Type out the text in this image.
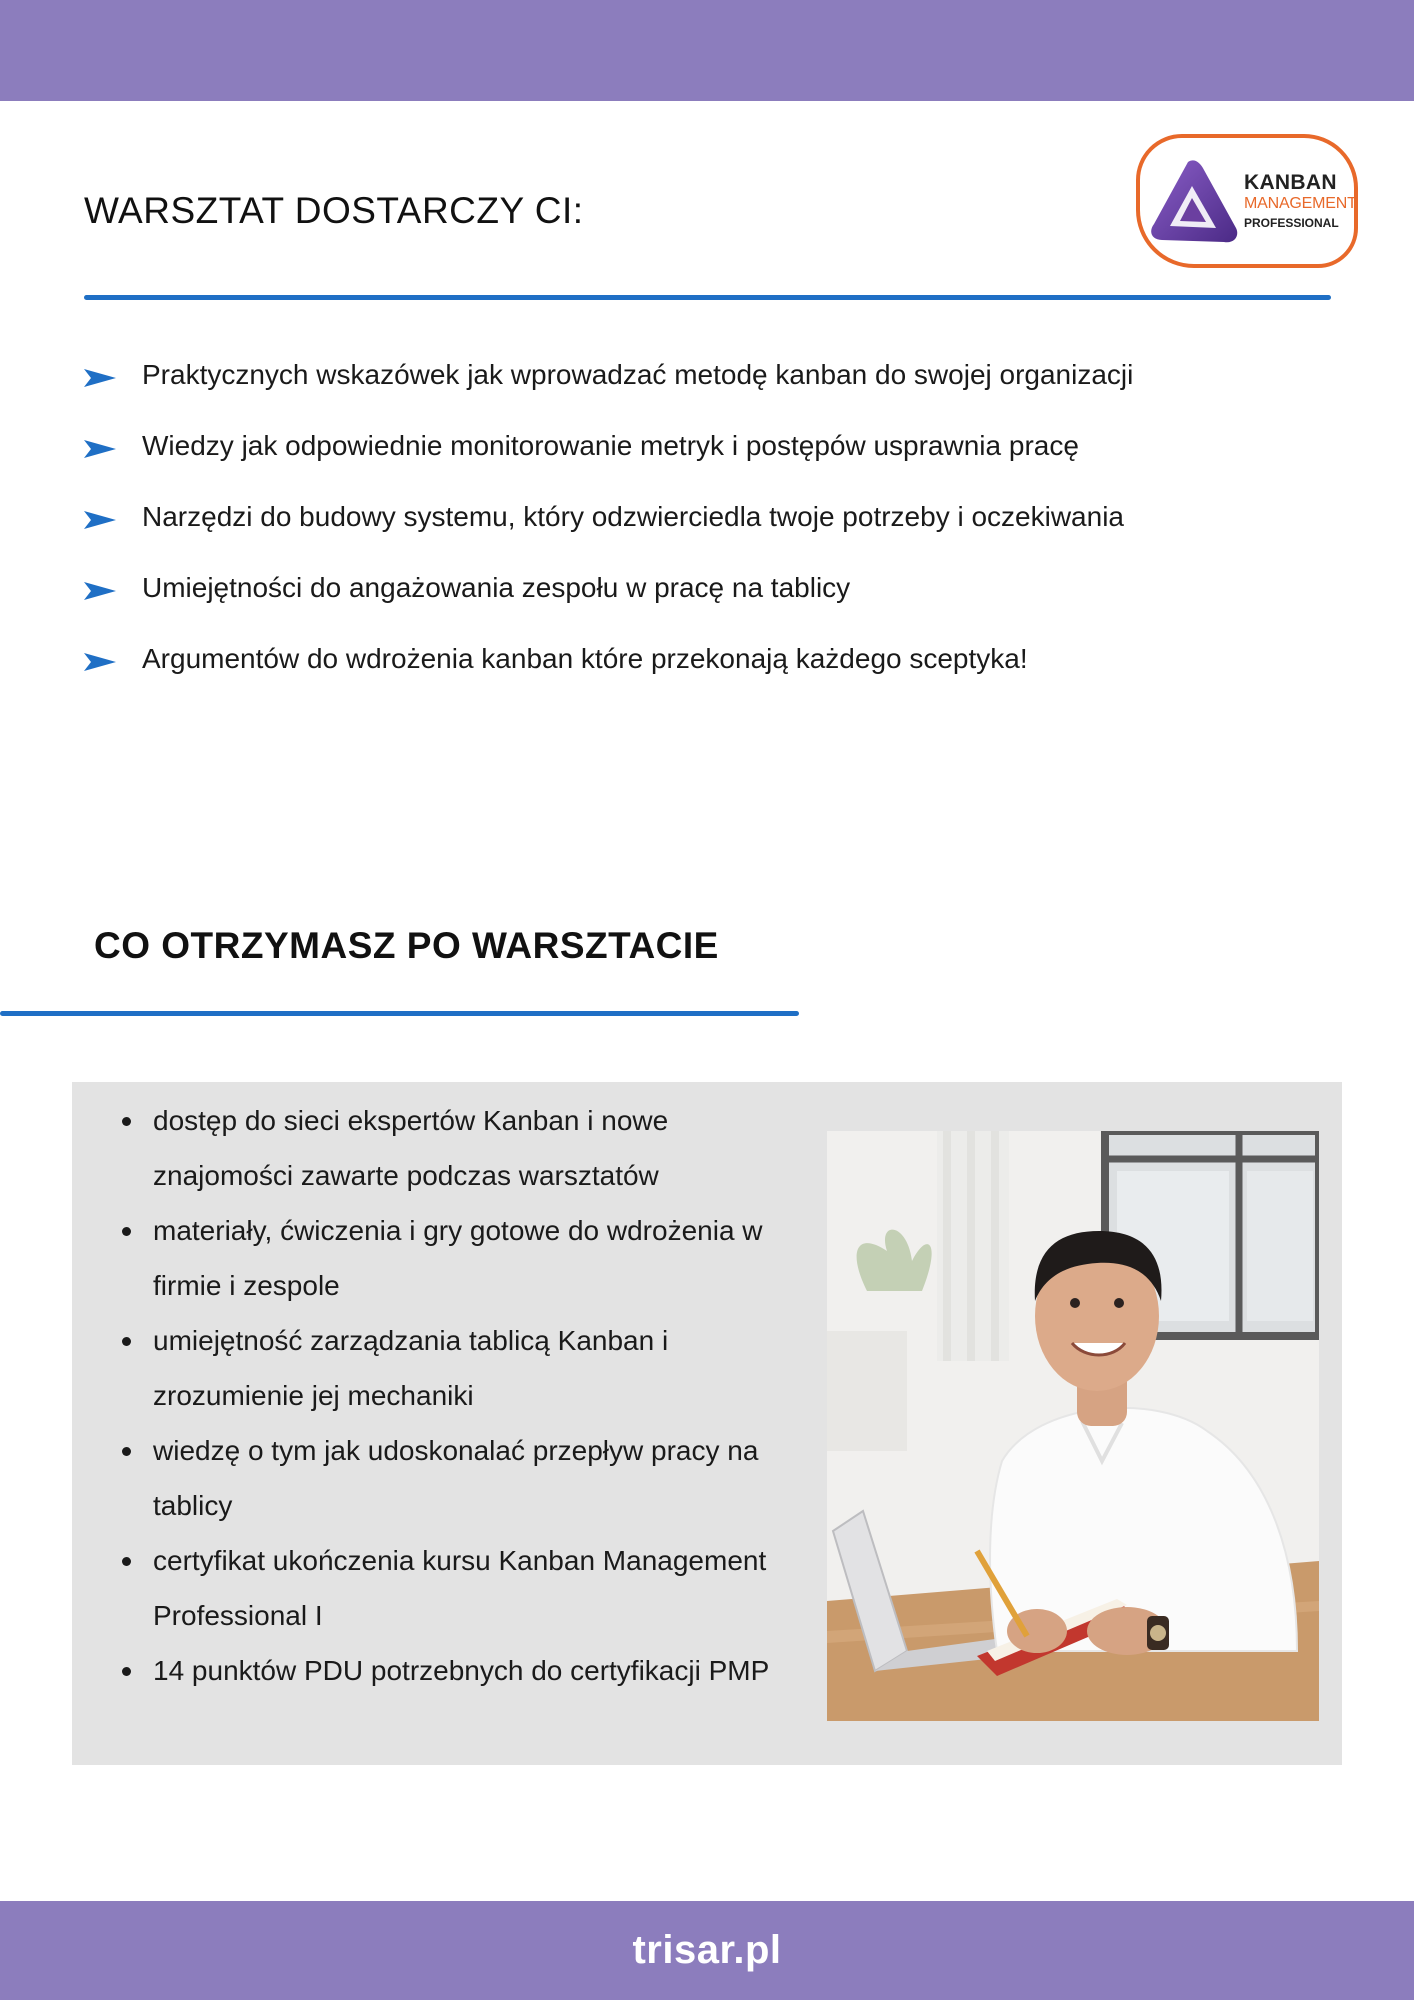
WARSZTAT DOSTARCZY CI:
KANBAN
MANAGEMENT
PROFESSIONAL
Praktycznych wskazówek jak wprowadzać metodę kanban do swojej organizacji
Wiedzy jak odpowiednie monitorowanie metryk i postępów usprawnia pracę
Narzędzi do budowy systemu, który odzwierciedla twoje potrzeby i oczekiwania
Umiejętności do angażowania zespołu w pracę na tablicy
Argumentów do wdrożenia kanban które przekonają każdego sceptyka!
CO OTRZYMASZ PO WARSZTACIE
dostęp do sieci ekspertów Kanban i nowe znajomości zawarte podczas warsztatów
materiały, ćwiczenia i gry gotowe do wdrożenia w firmie i zespole
umiejętność zarządzania tablicą Kanban i zrozumienie jej mechaniki
wiedzę o tym jak udoskonalać przepływ pracy na tablicy
certyfikat ukończenia kursu Kanban Management Professional I
14 punktów PDU potrzebnych do certyfikacji PMP
trisar.pl
